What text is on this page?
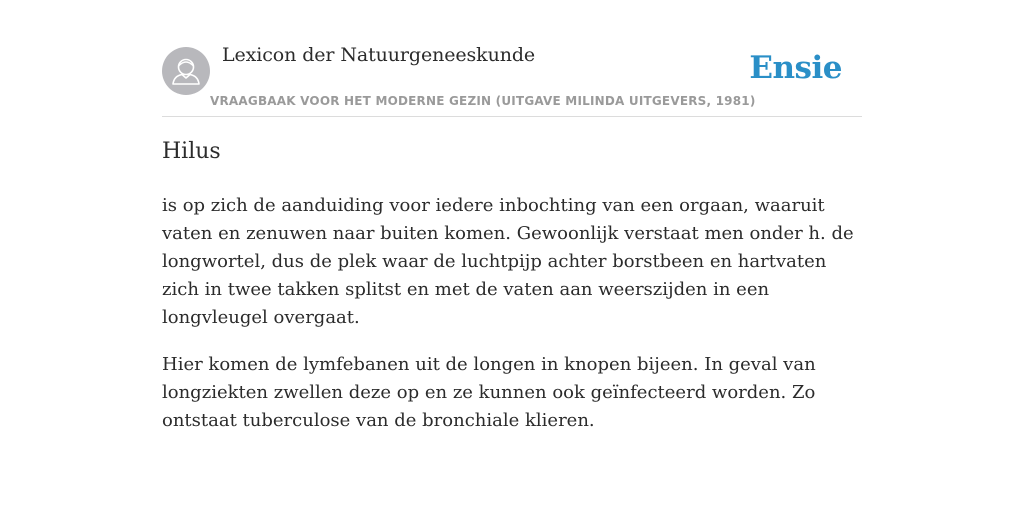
Lexicon der Natuurgeneeskunde
VRAAGBAAK VOOR HET MODERNE GEZIN (UITGAVE MILINDA UITGEVERS, 1981)
Ensie
Hilus

is op zich de aanduiding voor iedere inbochting van een orgaan, waaruit vaten en zenuwen naar buiten komen. Gewoonlijk verstaat men onder h. de longwortel, dus de plek waar de luchtpijp achter borstbeen en hartvaten zich in twee takken splitst en met de vaten aan weerszijden in een longvleugel overgaat.

Hier komen de lymfebanen uit de longen in knopen bijeen. In geval van longziekten zwellen deze op en ze kunnen ook geïnfecteerd worden. Zo ontstaat tuberculose van de bronchiale klieren.
